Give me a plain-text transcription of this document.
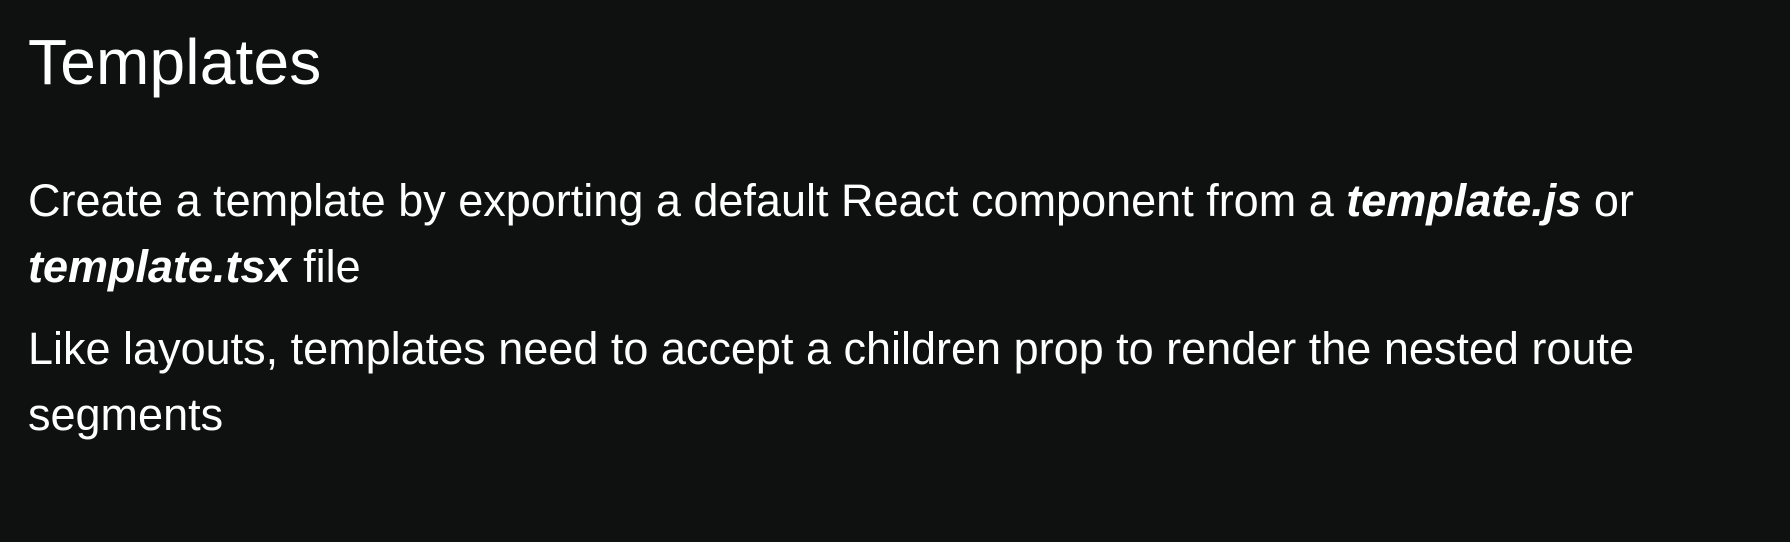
Templates

Create a template by exporting a default React component from a template.js or template.tsx file

Like layouts, templates need to accept a children prop to render the nested route segments
